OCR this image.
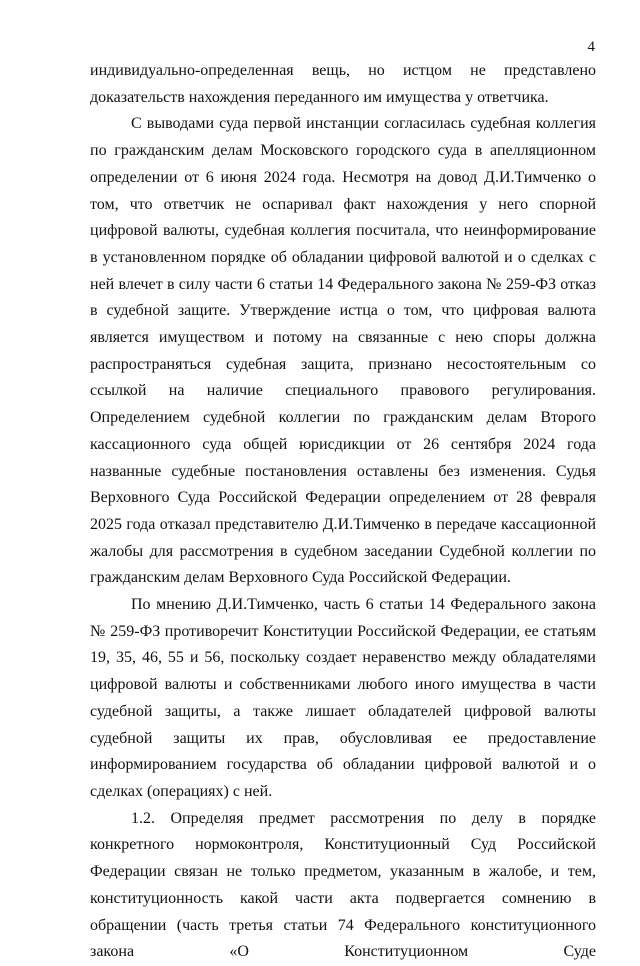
4

индивидуально-определенная вещь, но истцом не представлено доказательств нахождения переданного им имущества у ответчика.

С выводами суда первой инстанции согласилась судебная коллегия по гражданским делам Московского городского суда в апелляционном определении от 6 июня 2024 года. Несмотря на довод Д.И.Тимченко о том, что ответчик не оспаривал факт нахождения у него спорной цифровой валюты, судебная коллегия посчитала, что неинформирование в установленном порядке об обладании цифровой валютой и о сделках с ней влечет в силу части 6 статьи 14 Федерального закона № 259-ФЗ отказ в судебной защите. Утверждение истца о том, что цифровая валюта является имуществом и потому на связанные с нею споры должна распространяться судебная защита, признано несостоятельным со ссылкой на наличие специального правового регулирования. Определением судебной коллегии по гражданским делам Второго кассационного суда общей юрисдикции от 26 сентября 2024 года названные судебные постановления оставлены без изменения. Судья Верховного Суда Российской Федерации определением от 28 февраля 2025 года отказал представителю Д.И.Тимченко в передаче кассационной жалобы для рассмотрения в судебном заседании Судебной коллегии по гражданским делам Верховного Суда Российской Федерации.

По мнению Д.И.Тимченко, часть 6 статьи 14 Федерального закона № 259-ФЗ противоречит Конституции Российской Федерации, ее статьям 19, 35, 46, 55 и 56, поскольку создает неравенство между обладателями цифровой валюты и собственниками любого иного имущества в части судебной защиты, а также лишает обладателей цифровой валюты судебной защиты их прав, обусловливая ее предоставление информированием государства об обладании цифровой валютой и о сделках (операциях) с ней.

1.2. Определяя предмет рассмотрения по делу в порядке конкретного нормоконтроля, Конституционный Суд Российской Федерации связан не только предметом, указанным в жалобе, и тем, конституционность какой части акта подвергается сомнению в обращении (часть третья статьи 74 Федерального конституционного закона «О Конституционном Суде
